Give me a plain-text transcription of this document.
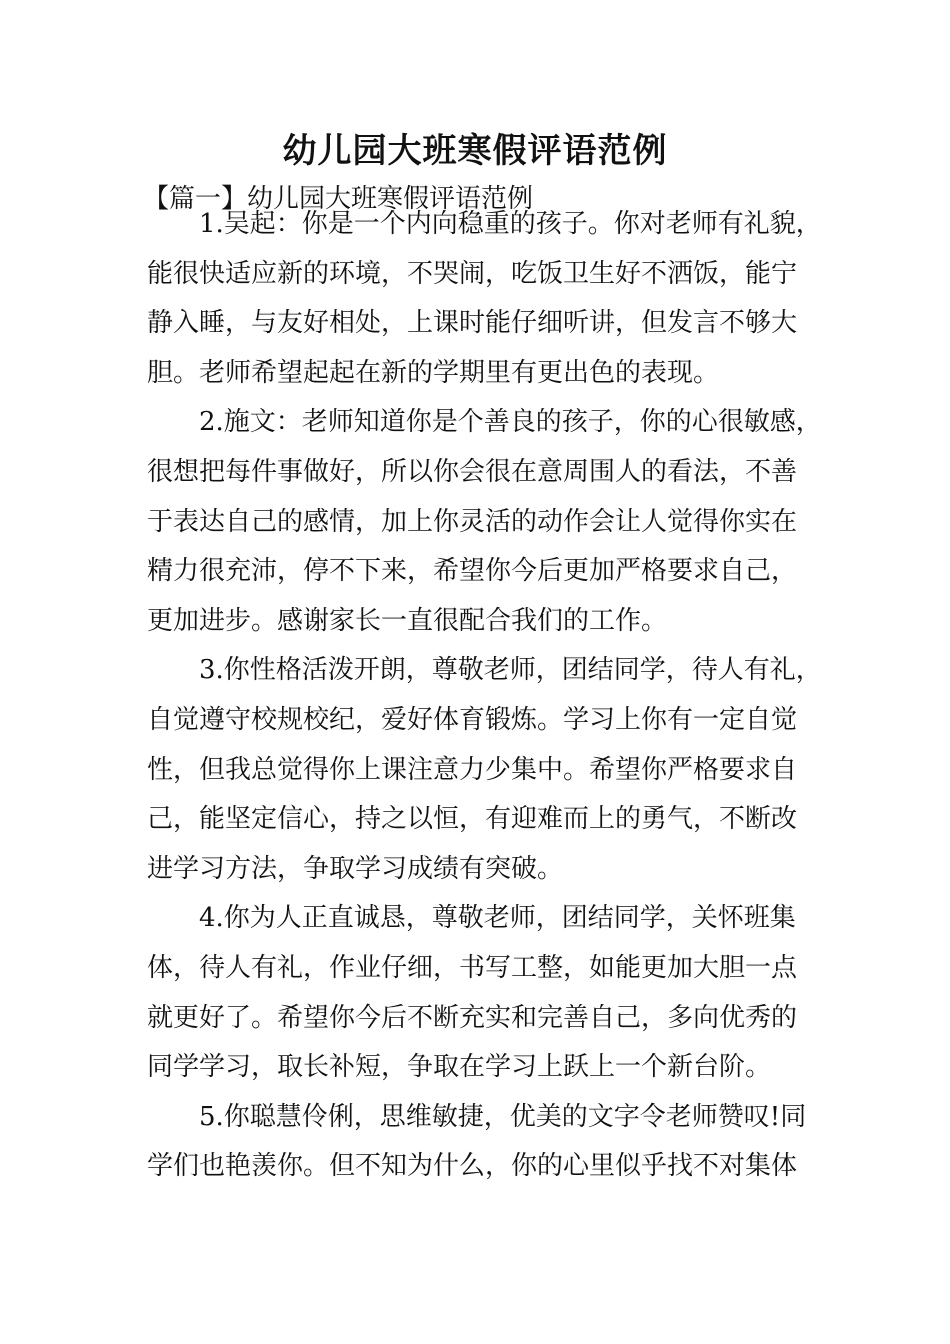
幼儿园大班寒假评语范例
【篇一】幼儿园大班寒假评语范例

1.吴起：你是一个内向稳重的孩子。你对老师有礼貌，
能很快适应新的环境，不哭闹，吃饭卫生好不洒饭，能宁
静入睡，与友好相处，上课时能仔细听讲，但发言不够大
胆。老师希望起起在新的学期里有更出色的表现。

2.施文：老师知道你是个善良的孩子，你的心很敏感，
很想把每件事做好，所以你会很在意周围人的看法，不善
于表达自己的感情，加上你灵活的动作会让人觉得你实在
精力很充沛，停不下来，希望你今后更加严格要求自己，
更加进步。感谢家长一直很配合我们的工作。

3.你性格活泼开朗，尊敬老师，团结同学，待人有礼，
自觉遵守校规校纪，爱好体育锻炼。学习上你有一定自觉
性，但我总觉得你上课注意力少集中。希望你严格要求自
己，能坚定信心，持之以恒，有迎难而上的勇气，不断改
进学习方法，争取学习成绩有突破。

4.你为人正直诚恳，尊敬老师，团结同学，关怀班集
体，待人有礼，作业仔细，书写工整，如能更加大胆一点
就更好了。希望你今后不断充实和完善自己，多向优秀的
同学学习，取长补短，争取在学习上跃上一个新台阶。

5.你聪慧伶俐，思维敏捷，优美的文字令老师赞叹!同
学们也艳羡你。但不知为什么，你的心里似乎找不对集体
